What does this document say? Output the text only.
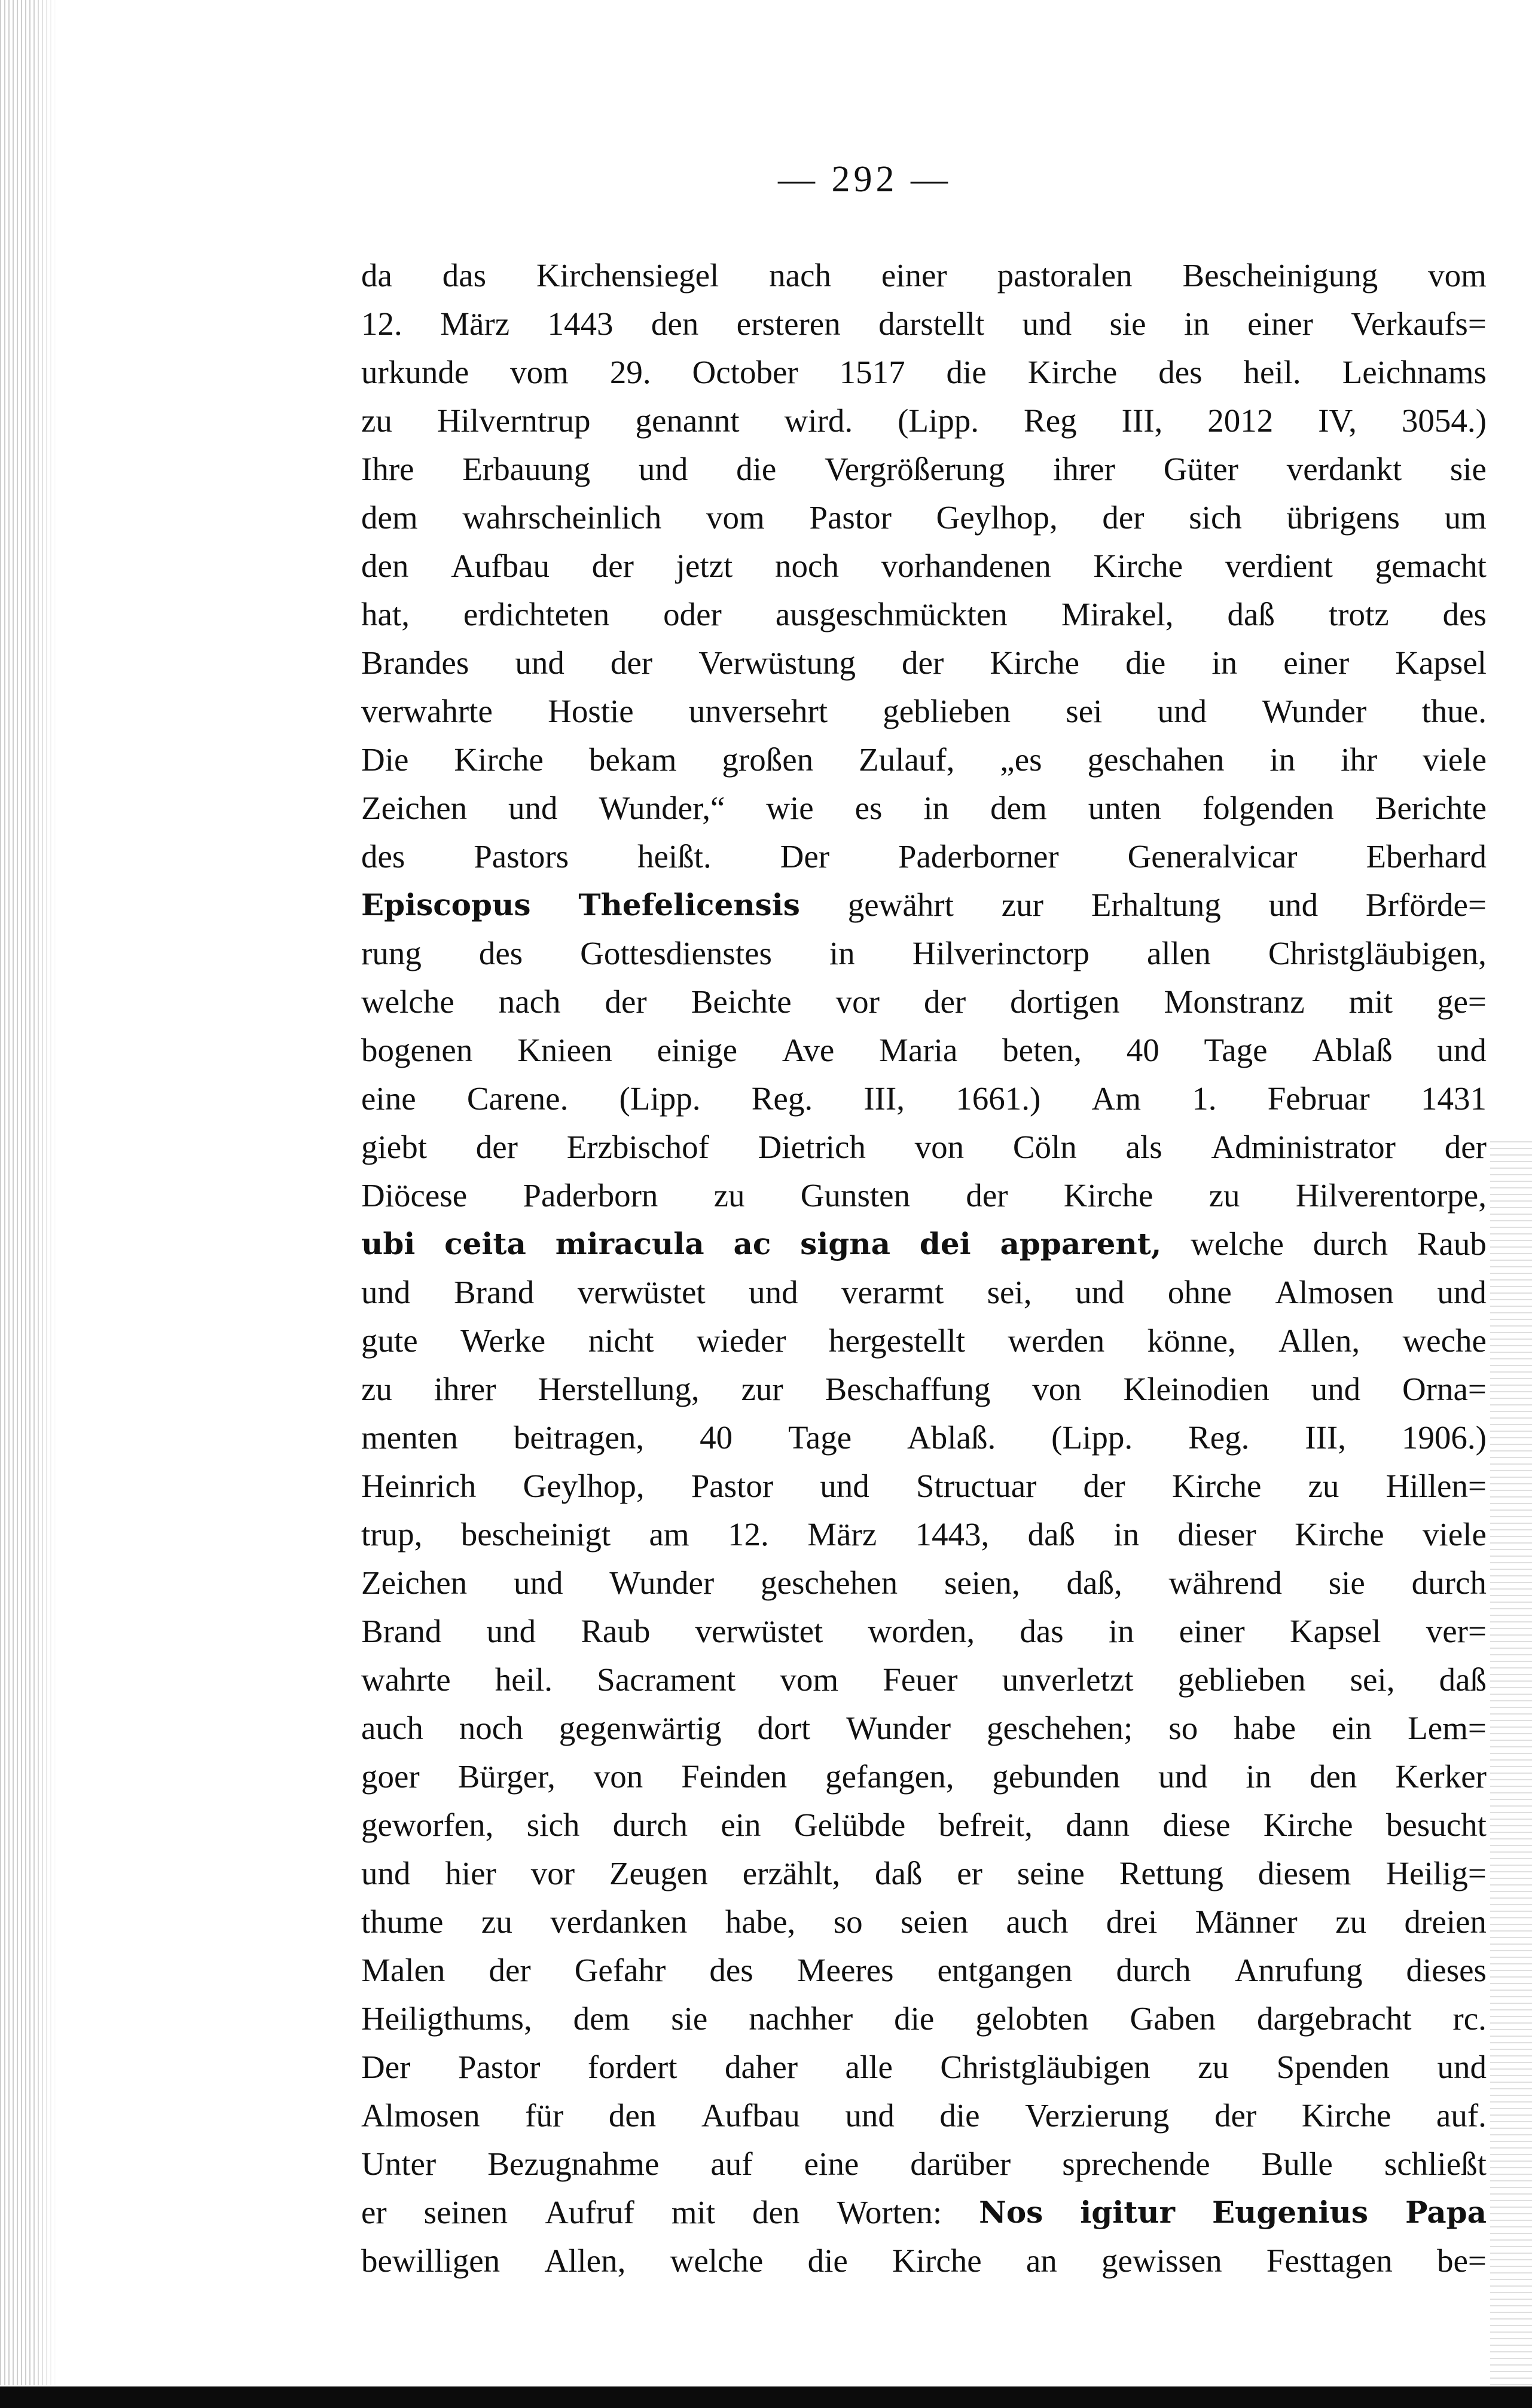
— 292 —
da das Kirchensiegel nach einer pastoralen Bescheinigung vom
12. März 1443 den ersteren darstellt und sie in einer Verkaufs=
urkunde vom 29. October 1517 die Kirche des heil. Leichnams
zu Hilverntrup genannt wird. (Lipp. Reg III, 2012 IV, 3054.)
Ihre Erbauung und die Vergrößerung ihrer Güter verdankt sie
dem wahrscheinlich vom Pastor Geylhop, der sich übrigens um
den Aufbau der jetzt noch vorhandenen Kirche verdient gemacht
hat, erdichteten oder ausgeschmückten Mirakel, daß trotz des
Brandes und der Verwüstung der Kirche die in einer Kapsel
verwahrte Hostie unversehrt geblieben sei und Wunder thue.
Die Kirche bekam großen Zulauf, „es geschahen in ihr viele
Zeichen und Wunder,“ wie es in dem unten folgenden Berichte
des Pastors heißt. Der Paderborner Generalvicar Eberhard
Episcopus Thefelicensis gewährt zur Erhaltung und Brförde=
rung des Gottesdienstes in Hilverinctorp allen Christgläubigen,
welche nach der Beichte vor der dortigen Monstranz mit ge=
bogenen Knieen einige Ave Maria beten, 40 Tage Ablaß und
eine Carene. (Lipp. Reg. III, 1661.) Am 1. Februar 1431
giebt der Erzbischof Dietrich von Cöln als Administrator der
Diöcese Paderborn zu Gunsten der Kirche zu Hilverentorpe,
ubi ceita miracula ac signa dei apparent, welche durch Raub
und Brand verwüstet und verarmt sei, und ohne Almosen und
gute Werke nicht wieder hergestellt werden könne, Allen, weche
zu ihrer Herstellung, zur Beschaffung von Kleinodien und Orna=
menten beitragen, 40 Tage Ablaß. (Lipp. Reg. III, 1906.)
Heinrich Geylhop, Pastor und Structuar der Kirche zu Hillen=
trup, bescheinigt am 12. März 1443, daß in dieser Kirche viele
Zeichen und Wunder geschehen seien, daß, während sie durch
Brand und Raub verwüstet worden, das in einer Kapsel ver=
wahrte heil. Sacrament vom Feuer unverletzt geblieben sei, daß
auch noch gegenwärtig dort Wunder geschehen; so habe ein Lem=
goer Bürger, von Feinden gefangen, gebunden und in den Kerker
geworfen, sich durch ein Gelübde befreit, dann diese Kirche besucht
und hier vor Zeugen erzählt, daß er seine Rettung diesem Heilig=
thume zu verdanken habe, so seien auch drei Männer zu dreien
Malen der Gefahr des Meeres entgangen durch Anrufung dieses
Heiligthums, dem sie nachher die gelobten Gaben dargebracht rc.
Der Pastor fordert daher alle Christgläubigen zu Spenden und
Almosen für den Aufbau und die Verzierung der Kirche auf.
Unter Bezugnahme auf eine darüber sprechende Bulle schließt
er seinen Aufruf mit den Worten: Nos igitur Eugenius Papa
bewilligen Allen, welche die Kirche an gewissen Festtagen be=
